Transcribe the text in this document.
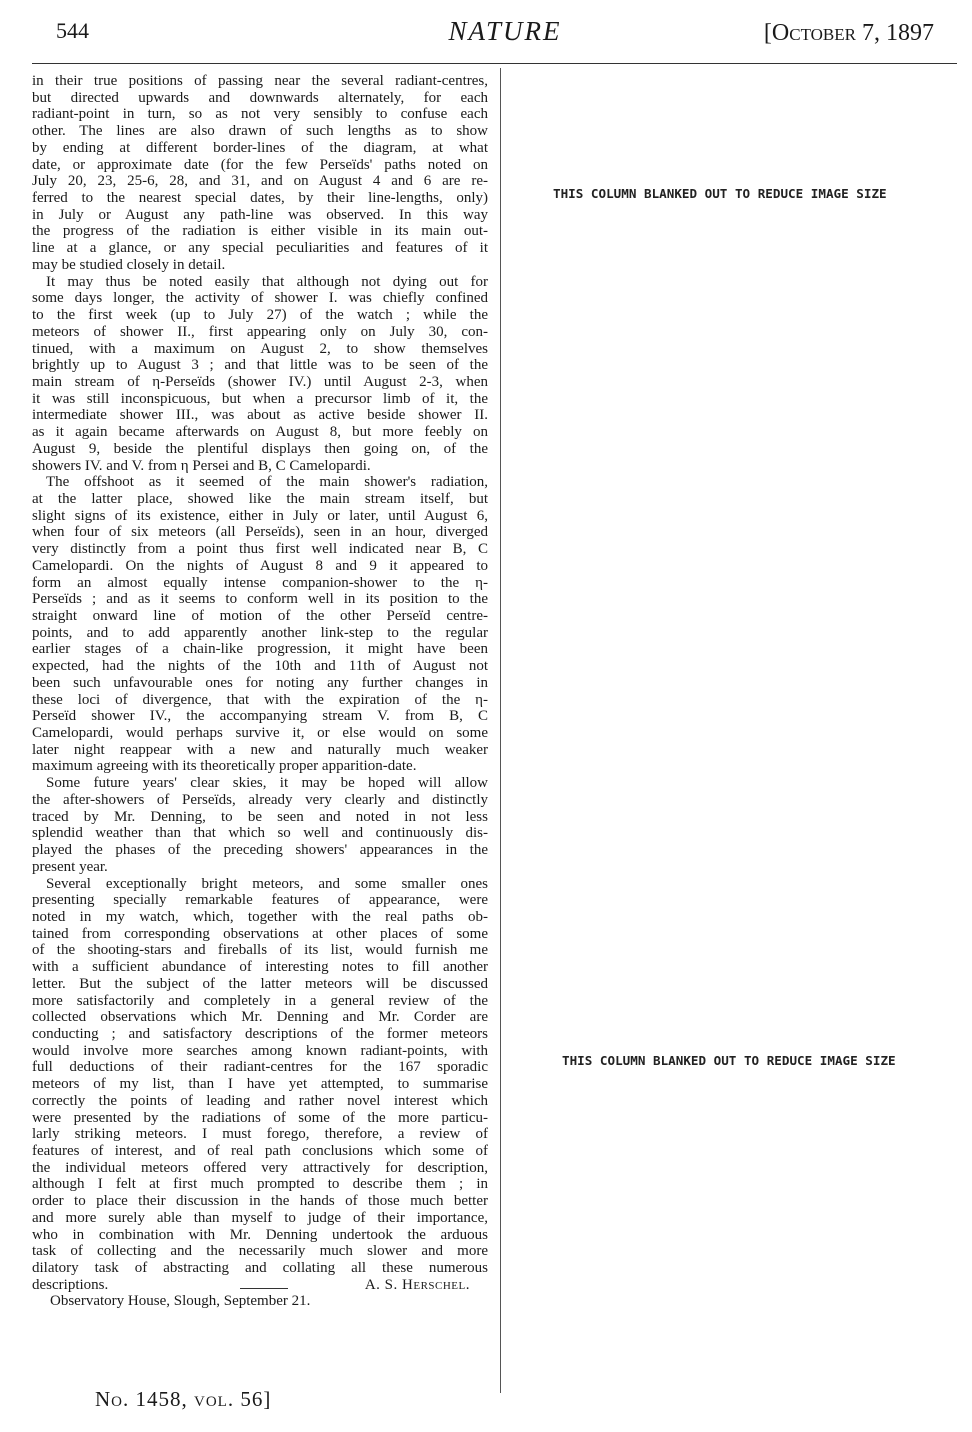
544	NATURE	[October 7, 1897
in their true positions of passing near the several radiant-centres,
but directed upwards and downwards alternately, for each
radiant-point in turn, so as not very sensibly to confuse each
other. The lines are also drawn of such lengths as to show
by ending at different border-lines of the diagram, at what
date, or approximate date (for the few Perseïds' paths noted on
July 20, 23, 25-6, 28, and 31, and on August 4 and 6 are re-
ferred to the nearest special dates, by their line-lengths, only)
in July or August any path-line was observed. In this way
the progress of the radiation is either visible in its main out-
line at a glance, or any special peculiarities and features of it
may be studied closely in detail.
It may thus be noted easily that although not dying out for
some days longer, the activity of shower I. was chiefly confined
to the first week (up to July 27) of the watch ; while the
meteors of shower II., first appearing only on July 30, con-
tinued, with a maximum on August 2, to show themselves
brightly up to August 3 ; and that little was to be seen of the
main stream of η-Perseïds (shower IV.) until August 2-3, when
it was still inconspicuous, but when a precursor limb of it, the
intermediate shower III., was about as active beside shower II.
as it again became afterwards on August 8, but more feebly on
August 9, beside the plentiful displays then going on, of the
showers IV. and V. from η Persei and B, C Camelopardi.
The offshoot as it seemed of the main shower's radiation,
at the latter place, showed like the main stream itself, but
slight signs of its existence, either in July or later, until August 6,
when four of six meteors (all Perseïds), seen in an hour, diverged
very distinctly from a point thus first well indicated near B, C
Camelopardi. On the nights of August 8 and 9 it appeared to
form an almost equally intense companion-shower to the η-
Perseïds ; and as it seems to conform well in its position to the
straight onward line of motion of the other Perseïd centre-
points, and to add apparently another link-step to the regular
earlier stages of a chain-like progression, it might have been
expected, had the nights of the 10th and 11th of August not
been such unfavourable ones for noting any further changes in
these loci of divergence, that with the expiration of the η-
Perseïd shower IV., the accompanying stream V. from B, C
Camelopardi, would perhaps survive it, or else would on some
later night reappear with a new and naturally much weaker
maximum agreeing with its theoretically proper apparition-date.
Some future years' clear skies, it may be hoped will allow
the after-showers of Perseïds, already very clearly and distinctly
traced by Mr. Denning, to be seen and noted in not less
splendid weather than that which so well and continuously dis-
played the phases of the preceding showers' appearances in the
present year.
Several exceptionally bright meteors, and some smaller ones
presenting specially remarkable features of appearance, were
noted in my watch, which, together with the real paths ob-
tained from corresponding observations at other places of some
of the shooting-stars and fireballs of its list, would furnish me
with a sufficient abundance of interesting notes to fill another
letter. But the subject of the latter meteors will be discussed
more satisfactorily and completely in a general review of the
collected observations which Mr. Denning and Mr. Corder are
conducting ; and satisfactory descriptions of the former meteors
would involve more searches among known radiant-points, with
full deductions of their radiant-centres for the 167 sporadic
meteors of my list, than I have yet attempted, to summarise
correctly the points of leading and rather novel interest which
were presented by the radiations of some of the more particu-
larly striking meteors. I must forego, therefore, a review of
features of interest, and of real path conclusions which some of
the individual meteors offered very attractively for description,
although I felt at first much prompted to describe them ; in
order to place their discussion in the hands of those much better
and more surely able than myself to judge of their importance,
who in combination with Mr. Denning undertook the arduous
task of collecting and the necessarily much slower and more
dilatory task of abstracting and collating all these numerous
descriptions.	A. S. Herschel.
Observatory House, Slough, September 21.
THIS COLUMN BLANKED OUT TO REDUCE IMAGE SIZE
THIS COLUMN BLANKED OUT TO REDUCE IMAGE SIZE
No. 1458, vol. 56]
